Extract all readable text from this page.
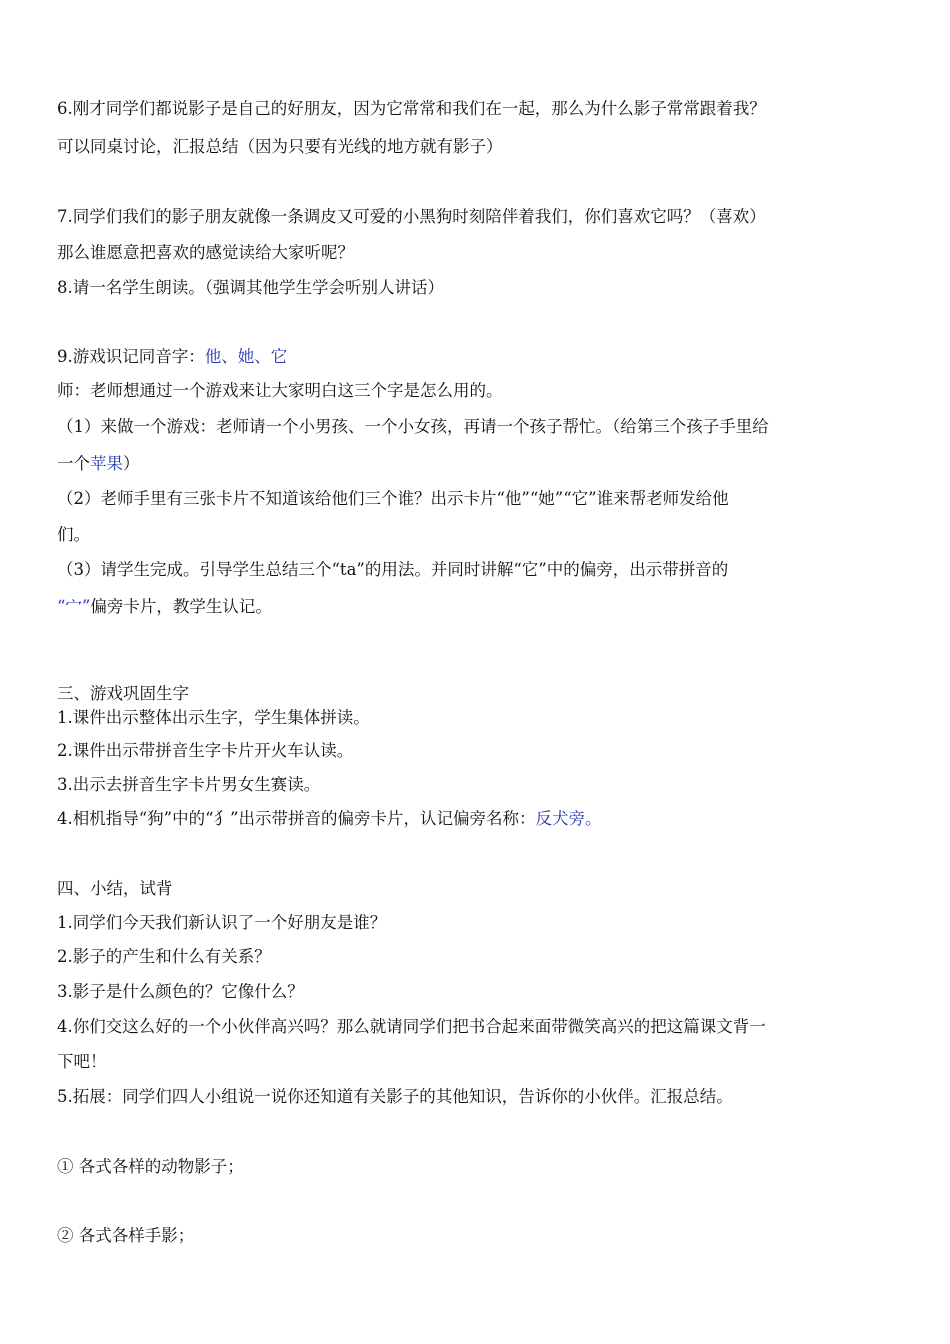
6.刚才同学们都说影子是自己的好朋友，因为它常常和我们在一起，那么为什么影子常常跟着我？
可以同桌讨论，汇报总结（因为只要有光线的地方就有影子）
7.同学们我们的影子朋友就像一条调皮又可爱的小黑狗时刻陪伴着我们，你们喜欢它吗？（喜欢）
那么谁愿意把喜欢的感觉读给大家听呢？
8.请一名学生朗读。（强调其他学生学会听别人讲话）
9.游戏识记同音字：他、她、它
师：老师想通过一个游戏来让大家明白这三个字是怎么用的。
（1）来做一个游戏：老师请一个小男孩、一个小女孩，再请一个孩子帮忙。（给第三个孩子手里给
一个苹果）
（2）老师手里有三张卡片不知道该给他们三个谁？出示卡片“他”“她”“它”谁来帮老师发给他
们。
（3）请学生完成。引导学生总结三个“ta”的用法。并同时讲解“它”中的偏旁，出示带拼音的
“宀”偏旁卡片，教学生认记。
三、游戏巩固生字
1.课件出示整体出示生字，学生集体拼读。
2.课件出示带拼音生字卡片开火车认读。
3.出示去拼音生字卡片男女生赛读。
4.相机指导“狗”中的“犭”出示带拼音的偏旁卡片，认记偏旁名称：反犬旁。
四、小结，试背
1.同学们今天我们新认识了一个好朋友是谁？
2.影子的产生和什么有关系？
3.影子是什么颜色的？它像什么？
4.你们交这么好的一个小伙伴高兴吗？那么就请同学们把书合起来面带微笑高兴的把这篇课文背一
下吧！
5.拓展：同学们四人小组说一说你还知道有关影子的其他知识，告诉你的小伙伴。汇报总结。
① 各式各样的动物影子；
② 各式各样手影；
